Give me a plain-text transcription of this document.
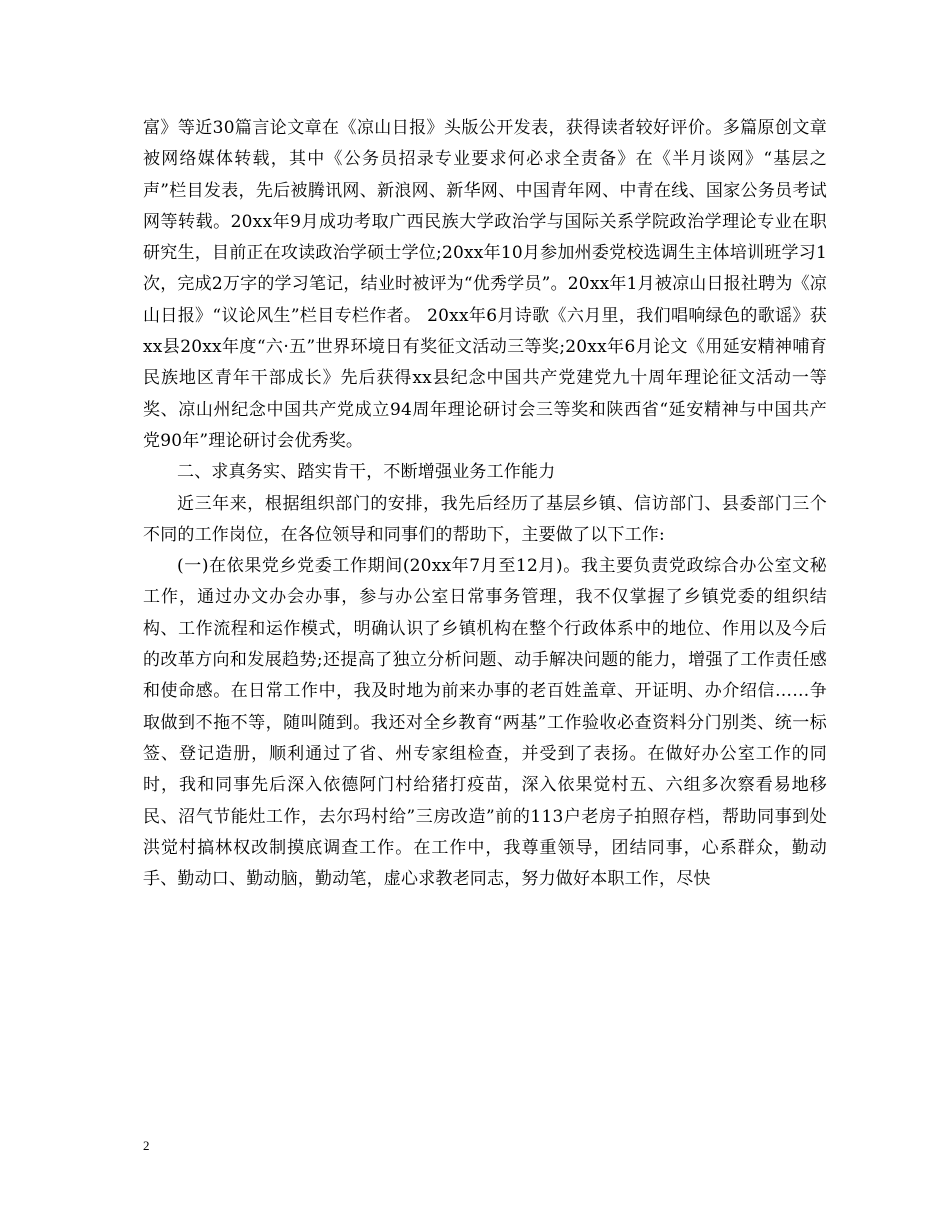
富》等近30篇言论文章在《凉山日报》头版公开发表，获得读者较好评价。多篇原创文章被网络媒体转载，其中《公务员招录专业要求何必求全责备》在《半月谈网》“基层之声”栏目发表，先后被腾讯网、新浪网、新华网、中国青年网、中青在线、国家公务员考试网等转载。20xx年9月成功考取广西民族大学政治学与国际关系学院政治学理论专业在职研究生，目前正在攻读政治学硕士学位;20xx年10月参加州委党校选调生主体培训班学习1次，完成2万字的学习笔记，结业时被评为“优秀学员”。20xx年1月被凉山日报社聘为《凉山日报》“议论风生”栏目专栏作者。 20xx年6月诗歌《六月里，我们唱响绿色的歌谣》获xx县20xx年度“六·五”世界环境日有奖征文活动三等奖;20xx年6月论文《用延安精神哺育民族地区青年干部成长》先后获得xx县纪念中国共产党建党九十周年理论征文活动一等奖、凉山州纪念中国共产党成立94周年理论研讨会三等奖和陕西省“延安精神与中国共产党90年”理论研讨会优秀奖。

二、求真务实、踏实肯干，不断增强业务工作能力

近三年来，根据组织部门的安排，我先后经历了基层乡镇、信访部门、县委部门三个不同的工作岗位，在各位领导和同事们的帮助下，主要做了以下工作:

(一)在依果党乡党委工作期间(20xx年7月至12月)。我主要负责党政综合办公室文秘工作，通过办文办会办事，参与办公室日常事务管理，我不仅掌握了乡镇党委的组织结构、工作流程和运作模式，明确认识了乡镇机构在整个行政体系中的地位、作用以及今后的改革方向和发展趋势;还提高了独立分析问题、动手解决问题的能力，增强了工作责任感和使命感。在日常工作中，我及时地为前来办事的老百姓盖章、开证明、办介绍信……争取做到不拖不等，随叫随到。我还对全乡教育“两基”工作验收必查资料分门别类、统一标签、登记造册，顺利通过了省、州专家组检查，并受到了表扬。在做好办公室工作的同时，我和同事先后深入依德阿门村给猪打疫苗，深入依果觉村五、六组多次察看易地移民、沼气节能灶工作，去尔玛村给”三房改造”前的113户老房子拍照存档，帮助同事到处洪觉村搞林权改制摸底调查工作。在工作中，我尊重领导，团结同事，心系群众，勤动手、勤动口、勤动脑，勤动笔，虚心求教老同志，努力做好本职工作，尽快

2
